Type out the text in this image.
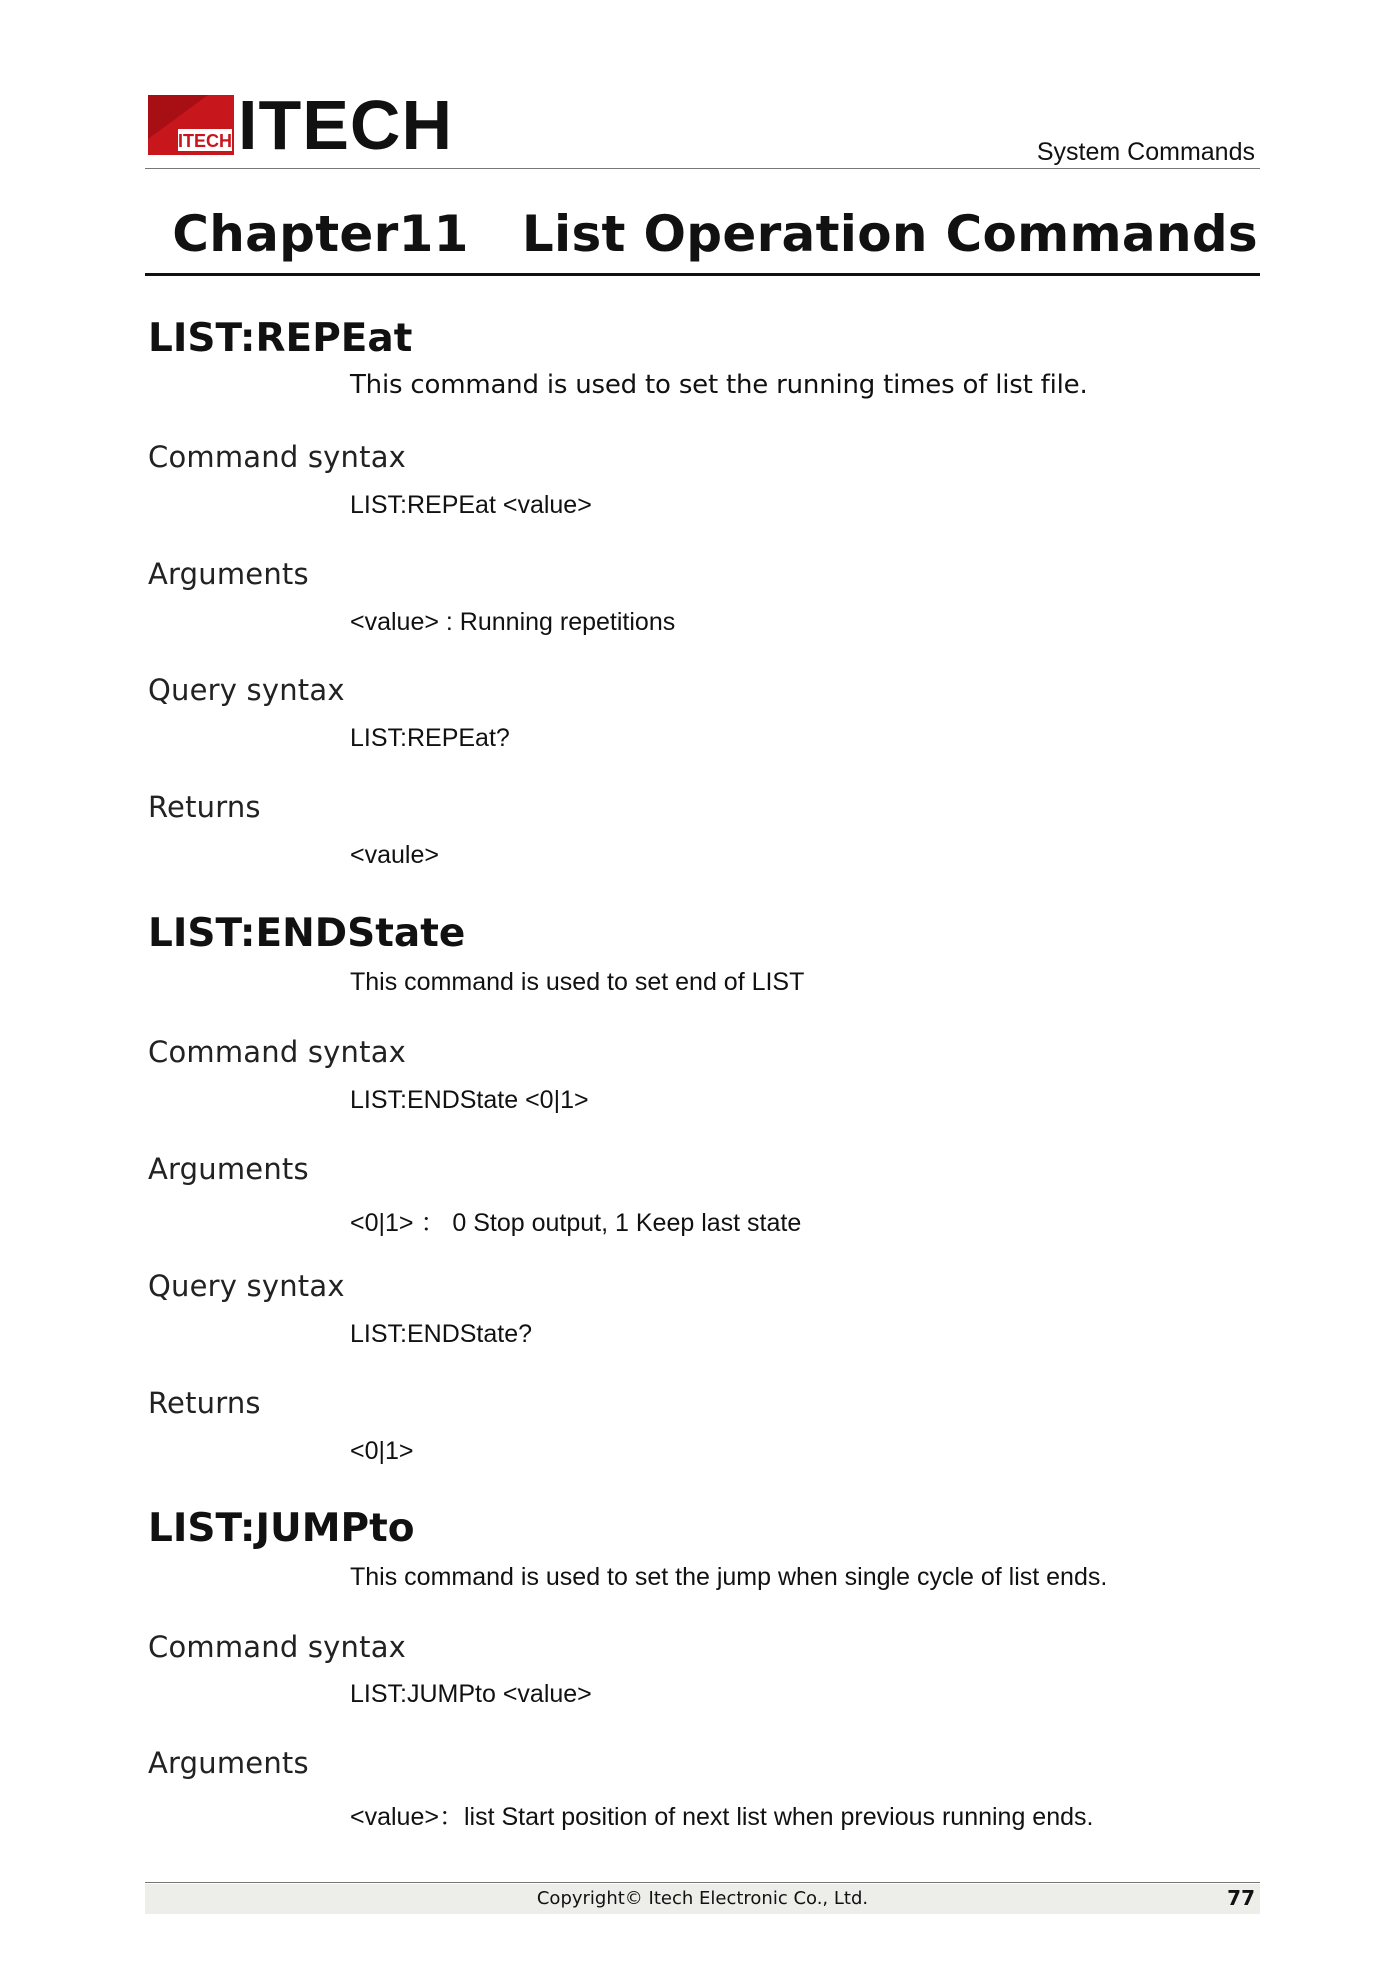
ITECH ITECH	System Commands
Chapter11   List Operation Commands
LIST:REPEat
This command is used to set the running times of list file.
Command syntax
LIST:REPEat <value>
Arguments
<value> : Running repetitions
Query syntax
LIST:REPEat?
Returns
<vaule>
LIST:ENDState
This command is used to set end of LIST
Command syntax
LIST:ENDState <0|1>
Arguments
<0|1> ： 0 Stop output, 1 Keep last state
Query syntax
LIST:ENDState?
Returns
<0|1>
LIST:JUMPto
This command is used to set the jump when single cycle of list ends.
Command syntax
LIST:JUMPto <value>
Arguments
<value>：list Start position of next list when previous running ends.
Copyright© Itech Electronic Co., Ltd.	77
